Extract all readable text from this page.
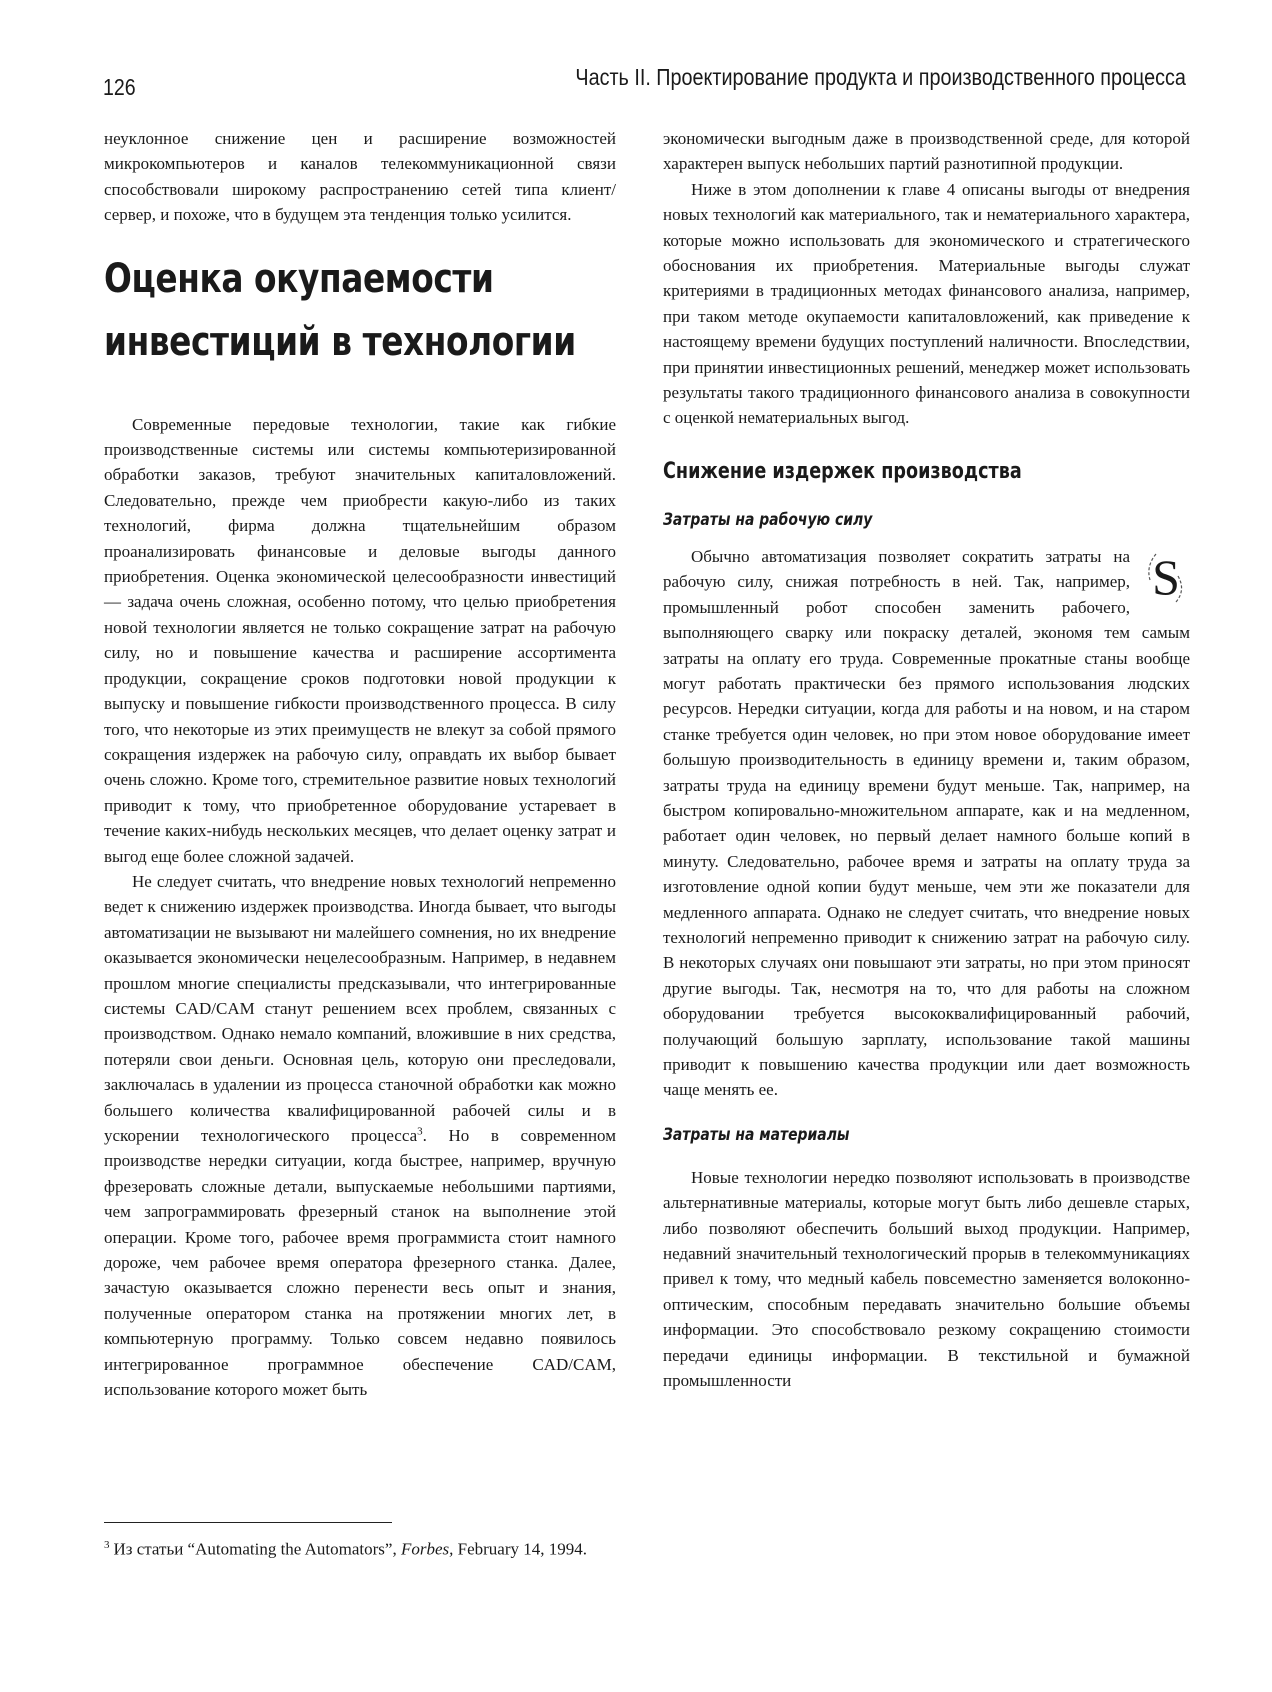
126	Часть II. Проектирование продукта и производственного процесса

неуклонное снижение цен и расширение возможностей микрокомпьютеров и каналов телекоммуникационной связи способствовали широкому распространению сетей типа клиент/сервер, и похоже, что в будущем эта тенденция только усилится.

Оценка окупаемости инвестиций в технологии

Современные передовые технологии, такие как гибкие производственные системы или системы компьютеризированной обработки заказов, требуют значительных капиталовложений. Следовательно, прежде чем приобрести какую-либо из таких технологий, фирма должна тщательнейшим образом проанализировать финансовые и деловые выгоды данного приобретения. Оценка экономической целесообразности инвестиций — задача очень сложная, особенно потому, что целью приобретения новой технологии является не только сокращение затрат на рабочую силу, но и повышение качества и расширение ассортимента продукции, сокращение сроков подготовки новой продукции к выпуску и повышение гибкости производственного процесса. В силу того, что некоторые из этих преимуществ не влекут за собой прямого сокращения издержек на рабочую силу, оправдать их выбор бывает очень сложно. Кроме того, стремительное развитие новых технологий приводит к тому, что приобретенное оборудование устаревает в течение каких-нибудь нескольких месяцев, что делает оценку затрат и выгод еще более сложной задачей.

Не следует считать, что внедрение новых технологий непременно ведет к снижению издержек производства. Иногда бывает, что выгоды автоматизации не вызывают ни малейшего сомнения, но их внедрение оказывается экономически нецелесообразным. Например, в недавнем прошлом многие специалисты предсказывали, что интегрированные системы CAD/CAM станут решением всех проблем, связанных с производством. Однако немало компаний, вложившие в них средства, потеряли свои деньги. Основная цель, которую они преследовали, заключалась в удалении из процесса станочной обработки как можно большего количества квалифицированной рабочей силы и в ускорении технологического процесса$^3$. Но в современном производстве нередки ситуации, когда быстрее, например, вручную фрезеровать сложные детали, выпускаемые небольшими партиями, чем запрограммировать фрезерный станок на выполнение этой операции. Кроме того, рабочее время программиста стоит намного дороже, чем рабочее время оператора фрезерного станка. Далее, зачастую оказывается сложно перенести весь опыт и знания, полученные оператором станка на протяжении многих лет, в компьютерную программу. Только совсем недавно появилось интегрированное программное обеспечение CAD/CAM, использование которого может быть

экономически выгодным даже в производственной среде, для которой характерен выпуск небольших партий разнотипной продукции.

Ниже в этом дополнении к главе 4 описаны выгоды от внедрения новых технологий как материального, так и нематериального характера, которые можно использовать для экономического и стратегического обоснования их приобретения. Материальные выгоды служат критериями в традиционных методах финансового анализа, например, при таком методе окупаемости капиталовложений, как приведение к настоящему времени будущих поступлений наличности. Впоследствии, при принятии инвестиционных решений, менеджер может использовать результаты такого традиционного финансового анализа в совокупности с оценкой нематериальных выгод.

Снижение издержек производства
Затраты на рабочую силу

S
Обычно автоматизация позволяет сократить затраты на рабочую силу, снижая потребность в ней. Так, например, промышленный робот способен заменить рабочего, выполняющего сварку или покраску деталей, экономя тем самым затраты на оплату его труда. Современные прокатные станы вообще могут работать практически без прямого использования людских ресурсов. Нередки ситуации, когда для работы и на новом, и на старом станке требуется один человек, но при этом новое оборудование имеет большую производительность в единицу времени и, таким образом, затраты труда на единицу времени будут меньше. Так, например, на быстром копировально-множительном аппарате, как и на медленном, работает один человек, но первый делает намного больше копий в минуту. Следовательно, рабочее время и затраты на оплату труда за изготовление одной копии будут меньше, чем эти же показатели для медленного аппарата. Однако не следует считать, что внедрение новых технологий непременно приводит к снижению затрат на рабочую силу. В некоторых случаях они повышают эти затраты, но при этом приносят другие выгоды. Так, несмотря на то, что для работы на сложном оборудовании требуется высококвалифицированный рабочий, получающий большую зарплату, использование такой машины приводит к повышению качества продукции или дает возможность чаще менять ее.

Затраты на материалы

Новые технологии нередко позволяют использовать в производстве альтернативные материалы, которые могут быть либо дешевле старых, либо позволяют обеспечить больший выход продукции. Например, недавний значительный технологический прорыв в телекоммуникациях привел к тому, что медный кабель повсеместно заменяется волоконно-оптическим, способным передавать значительно большие объемы информации. Это способствовало резкому сокращению стоимости передачи единицы информации. В текстильной и бумажной промышленности

$^3$ Из статьи “Automating the Automators”, Forbes, February 14, 1994.
